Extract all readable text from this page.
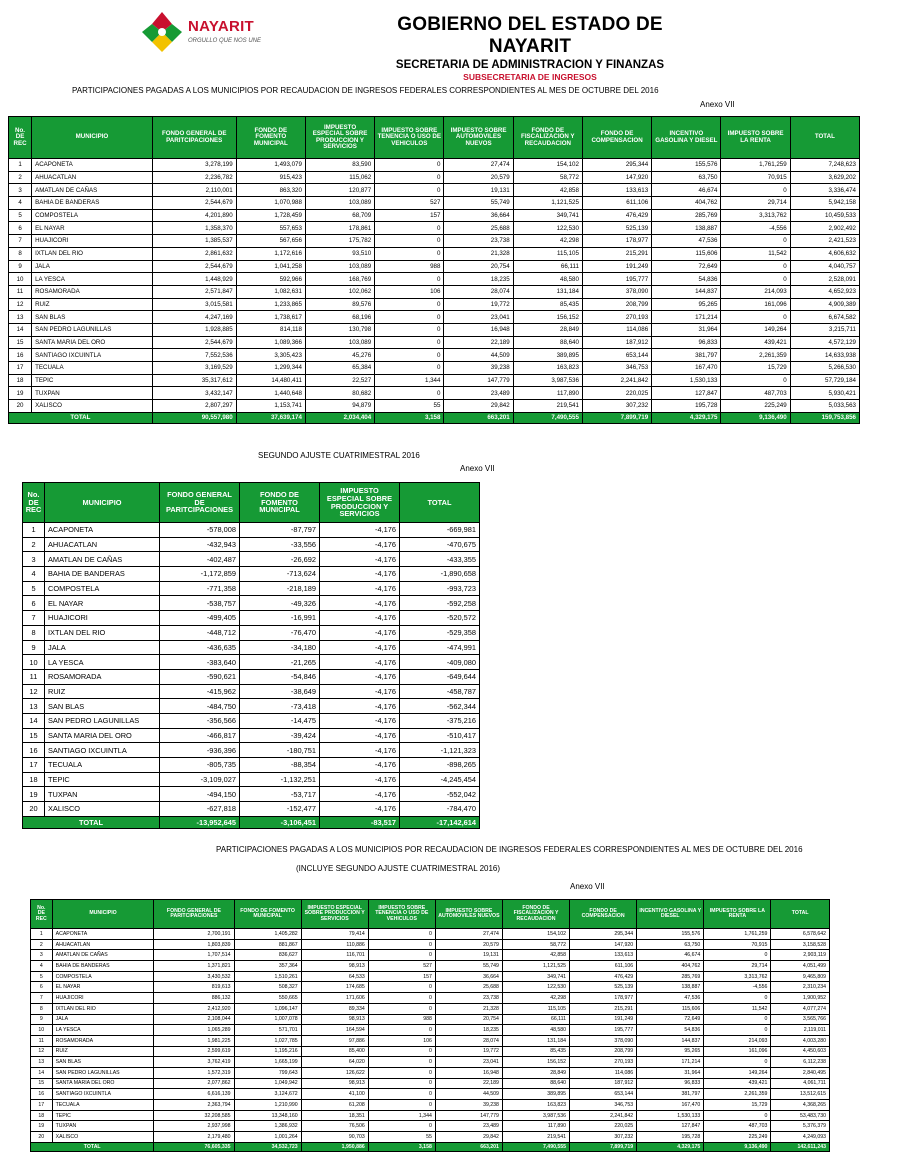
NAYARIT
ORGULLO QUE NOS UNE
GOBIERNO DEL ESTADO DE NAYARIT
SECRETARIA DE ADMINISTRACION Y FINANZAS
SUBSECRETARIA DE INGRESOS
PARTICIPACIONES PAGADAS A LOS MUNICIPIOS POR RECAUDACION DE INGRESOS FEDERALES CORRESPONDIENTES AL MES DE OCTUBRE DEL 2016
Anexo VII
No. DE REC	MUNICIPIO	FONDO GENERAL DE PARITCIPACIONES	FONDO DE FOMENTO MUNICIPAL	IMPUESTO ESPECIAL SOBRE PRODUCCION Y SERVICIOS	IMPUESTO SOBRE TENENCIA O USO DE VEHICULOS	IMPUESTO SOBRE AUTOMOVILES NUEVOS	FONDO DE FISCALIZACION Y RECAUDACION	FONDO DE COMPENSACION	INCENTIVO GASOLINA Y DIESEL	IMPUESTO SOBRE LA RENTA	TOTAL
1	ACAPONETA	3,278,199	1,493,079	83,590	0	27,474	154,102	295,344	155,576	1,761,259	7,248,623
2	AHUACATLAN	2,236,782	915,423	115,062	0	20,579	58,772	147,920	63,750	70,915	3,629,202
3	AMATLAN DE CAÑAS	2,110,001	863,320	120,877	0	19,131	42,858	133,613	46,674	0	3,336,474
4	BAHIA DE BANDERAS	2,544,679	1,070,988	103,089	527	55,749	1,121,525	611,106	404,762	29,714	5,942,158
5	COMPOSTELA	4,201,890	1,728,459	68,709	157	36,664	349,741	476,429	285,769	3,313,762	10,459,533
6	EL NAYAR	1,358,370	557,653	178,861	0	25,688	122,530	525,139	138,887	-4,556	2,902,492
7	HUAJICORI	1,385,537	567,656	175,782	0	23,738	42,298	178,977	47,536	0	2,421,523
8	IXTLAN DEL RIO	2,861,632	1,172,616	93,510	0	21,328	115,105	215,291	115,606	11,542	4,606,632
9	JALA	2,544,679	1,041,258	103,089	988	20,754	66,111	191,249	72,649	0	4,040,757
10	LA YESCA	1,448,929	592,966	168,769	0	18,235	48,580	195,777	54,836	0	2,528,091
11	ROSAMORADA	2,571,847	1,082,631	102,062	106	28,074	131,184	378,090	144,837	214,093	4,652,923
12	RUIZ	3,015,581	1,233,865	89,576	0	19,772	85,435	208,799	95,265	161,096	4,909,389
13	SAN BLAS	4,247,169	1,738,617	68,196	0	23,041	156,152	270,193	171,214	0	6,674,582
14	SAN PEDRO LAGUNILLAS	1,928,885	814,118	130,798	0	16,948	28,849	114,086	31,964	149,264	3,215,711
15	SANTA MARIA DEL ORO	2,544,679	1,089,366	103,089	0	22,189	88,640	187,912	96,833	439,421	4,572,129
16	SANTIAGO IXCUINTLA	7,552,536	3,305,423	45,276	0	44,509	389,895	653,144	381,797	2,261,359	14,633,938
17	TECUALA	3,169,529	1,299,344	65,384	0	39,238	163,823	346,753	167,470	15,729	5,266,530
18	TEPIC	35,317,612	14,480,411	22,527	1,344	147,779	3,987,536	2,241,842	1,530,133	0	57,729,184
19	TUXPAN	3,432,147	1,440,648	80,682	0	23,489	117,890	220,025	127,847	487,703	5,930,421
20	XALISCO	2,807,297	1,153,741	94,879	55	29,842	219,541	307,232	195,728	225,249	5,033,563
TOTAL		90,557,980	37,639,174	2,034,404	3,158	663,201	7,490,555	7,899,719	4,329,175	9,136,490	159,753,856
SEGUNDO AJUSTE CUATRIMESTRAL 2016
Anexo VII
No. DE REC	MUNICIPIO	FONDO GENERAL DE PARITCIPACIONES	FONDO DE FOMENTO MUNICIPAL	IMPUESTO ESPECIAL SOBRE PRODUCCION Y SERVICIOS	TOTAL
1	ACAPONETA	-578,008	-87,797	-4,176	-669,981
2	AHUACATLAN	-432,943	-33,556	-4,176	-470,675
3	AMATLAN DE CAÑAS	-402,487	-26,692	-4,176	-433,355
4	BAHIA DE BANDERAS	-1,172,859	-713,624	-4,176	-1,890,658
5	COMPOSTELA	-771,358	-218,189	-4,176	-993,723
6	EL NAYAR	-538,757	-49,326	-4,176	-592,258
7	HUAJICORI	-499,405	-16,991	-4,176	-520,572
8	IXTLAN DEL RIO	-448,712	-76,470	-4,176	-529,358
9	JALA	-436,635	-34,180	-4,176	-474,991
10	LA YESCA	-383,640	-21,265	-4,176	-409,080
11	ROSAMORADA	-590,621	-54,846	-4,176	-649,644
12	RUIZ	-415,962	-38,649	-4,176	-458,787
13	SAN BLAS	-484,750	-73,418	-4,176	-562,344
14	SAN PEDRO LAGUNILLAS	-356,566	-14,475	-4,176	-375,216
15	SANTA MARIA DEL ORO	-466,817	-39,424	-4,176	-510,417
16	SANTIAGO IXCUINTLA	-936,396	-180,751	-4,176	-1,121,323
17	TECUALA	-805,735	-88,354	-4,176	-898,265
18	TEPIC	-3,109,027	-1,132,251	-4,176	-4,245,454
19	TUXPAN	-494,150	-53,717	-4,176	-552,042
20	XALISCO	-627,818	-152,477	-4,176	-784,470
TOTAL		-13,952,645	-3,106,451	-83,517	-17,142,614
PARTICIPACIONES PAGADAS A LOS MUNICIPIOS POR RECAUDACION DE INGRESOS FEDERALES CORRESPONDIENTES AL MES DE OCTUBRE DEL 2016
(INCLUYE SEGUNDO AJUSTE CUATRIMESTRAL 2016)
Anexo VII
No. DE REC	MUNICIPIO	FONDO GENERAL DE PARITCIPACIONES	FONDO DE FOMENTO MUNICIPAL	IMPUESTO ESPECIAL SOBRE PRODUCCION Y SERVICIOS	IMPUESTO SOBRE TENENCIA O USO DE VEHICULOS	IMPUESTO SOBRE AUTOMOVILES NUEVOS	FONDO DE FISCALIZACION Y RECAUDACION	FONDO DE COMPENSACION	INCENTIVO GASOLINA Y DIESEL	IMPUESTO SOBRE LA RENTA	TOTAL
1	ACAPONETA	2,700,191	1,405,282	79,414	0	27,474	154,102	295,344	155,576	1,761,259	6,578,642
2	AHUACATLAN	1,803,839	881,867	110,886	0	20,579	58,772	147,920	63,750	70,915	3,158,528
3	AMATLAN DE CAÑAS	1,707,514	836,627	116,701	0	19,131	42,858	133,613	46,674	0	2,903,119
4	BAHIA DE BANDERAS	1,371,821	357,364	98,913	527	55,749	1,121,525	611,106	404,762	29,714	4,051,499
5	COMPOSTELA	3,430,532	1,510,261	64,533	157	36,664	349,741	476,429	285,769	3,313,762	9,465,809
6	EL NAYAR	819,613	508,327	174,685	0	25,688	122,530	525,139	138,887	-4,556	2,310,234
7	HUAJICORI	886,132	550,665	171,606	0	23,738	42,298	178,977	47,536	0	1,900,952
8	IXTLAN DEL RIO	2,412,920	1,096,147	89,334	0	21,328	115,105	215,291	115,606	11,542	4,077,274
9	JALA	2,108,044	1,007,078	98,913	988	20,754	66,111	191,249	72,649	0	3,565,766
10	LA YESCA	1,065,289	571,701	164,594	0	18,235	48,580	195,777	54,836	0	2,119,011
11	ROSAMORADA	1,981,225	1,027,785	97,886	106	28,074	131,184	378,090	144,837	214,093	4,003,280
12	RUIZ	2,599,619	1,195,216	85,400	0	19,772	85,435	208,799	95,265	161,096	4,450,603
13	SAN BLAS	3,762,419	1,665,199	64,020	0	23,041	156,152	270,193	171,214	0	6,112,238
14	SAN PEDRO LAGUNILLAS	1,572,319	799,643	126,622	0	16,948	28,849	114,086	31,964	149,264	2,840,495
15	SANTA MARIA DEL ORO	2,077,862	1,049,942	98,913	0	22,189	88,640	187,912	96,833	439,421	4,061,711
16	SANTIAGO IXCUINTLA	6,616,139	3,124,672	41,100	0	44,509	389,895	653,144	381,797	2,261,359	13,512,615
17	TECUALA	2,363,794	1,210,990	61,208	0	39,238	163,823	346,753	167,470	15,729	4,368,265
18	TEPIC	32,208,585	13,348,160	18,351	1,344	147,779	3,987,536	2,241,842	1,530,133	0	53,483,730
19	TUXPAN	2,937,998	1,386,932	76,506	0	23,489	117,890	220,025	127,847	487,703	5,376,379
20	XALISCO	2,179,480	1,001,264	90,703	55	29,842	219,541	307,232	195,728	225,249	4,249,093
TOTAL		76,605,335	34,532,723	1,950,886	3,158	663,201	7,490,555	7,899,719	4,329,175	9,136,490	142,611,243
